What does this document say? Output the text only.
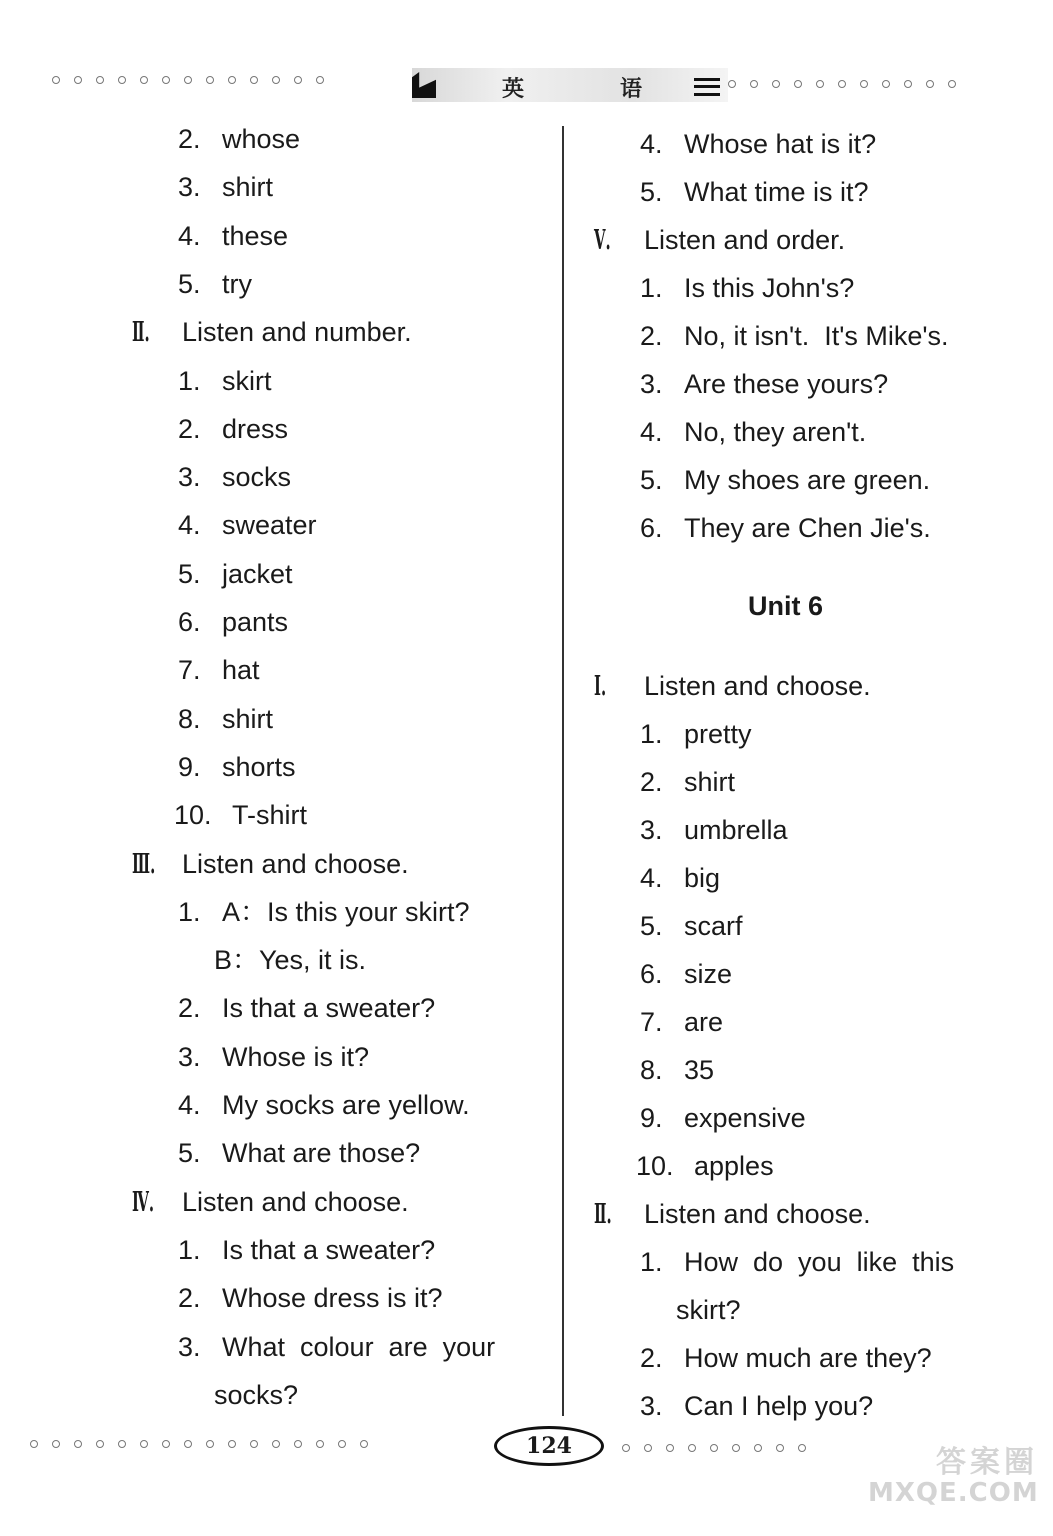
英	语
2. whose
3. shirt
4. these
5. try
Ⅱ.	Listen and number.
1. skirt
2. dress
3. socks
4. sweater
5. jacket
6. pants
7. hat
8. shirt
9. shorts
10. T-shirt
Ⅲ. Listen and choose.
1. A：Is this your skirt?
B：Yes, it is.
2. Is that a sweater?
3. Whose is it?
4. My socks are yellow.
5. What are those?
Ⅳ.	Listen and choose.
1. Is that a sweater?
2. Whose dress is it?
3. What  colour  are  your
socks?
4. Whose hat is it?
5. What time is it?
Ⅴ.	Listen and order.
1. Is this John's?
2. No, it isn't.  It's Mike's.
3. Are these yours?
4. No, they aren't.
5. My shoes are green.
6. They are Chen Jie's.
Unit 6
Ⅰ.	Listen and choose.
1. pretty
2. shirt
3. umbrella
4. big
5. scarf
6. size
7. are
8. 35
9. expensive
10. apples
Ⅱ.	Listen and choose.
1. How  do  you  like  this
skirt?
2. How much are they?
3. Can I help you?
124	答案圈
MXQE.COM
